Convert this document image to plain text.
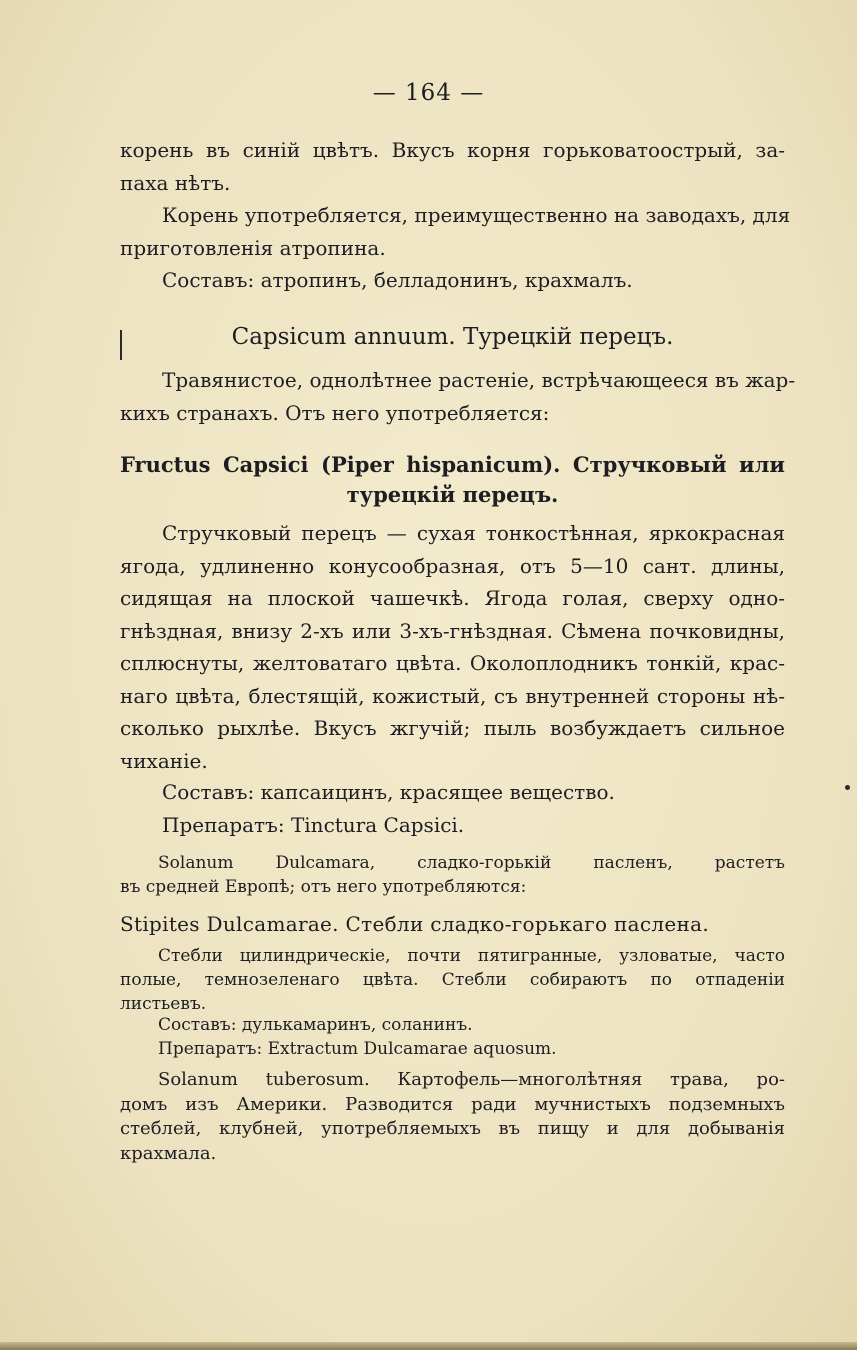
— 164 —
корень въ синій цвѣтъ. Вкусъ корня горьковатоострый, за-
паха нѣтъ.
Корень употребляется, преимущественно на заводахъ, для
приготовленія атропина.
Составъ: атропинъ, белладонинъ, крахмалъ.
Capsicum annuum. Турецкій перецъ.
Травянистое, однолѣтнее растеніе, встрѣчающееся въ жар-
кихъ странахъ. Отъ него употребляется:
Fructus Capsici (Piper hispanicum). Стручковый или
турецкій перецъ.
Стручковый перецъ — сухая тонкостѣнная, яркокрасная
ягода, удлиненно конусообразная, отъ 5—10 сант. длины,
сидящая на плоской чашечкѣ. Ягода голая, сверху одно-
гнѣздная, внизу 2-хъ или 3-хъ-гнѣздная. Сѣмена почковидны,
сплюснуты, желтоватаго цвѣта. Околоплодникъ тонкій, крас-
наго цвѣта, блестящій, кожистый, съ внутренней стороны нѣ-
сколько рыхлѣе. Вкусъ жгучій; пыль возбуждаетъ сильное
чиханіе.
Составъ: капсаицинъ, красящее вещество.
Препаратъ: Tinctura Capsici.
Solanum Dulcamara, сладко-горькій пасленъ, растетъ
въ средней Европѣ; отъ него употребляются:
Stipites Dulcamarae. Стебли сладко-горькаго паслена.
Стебли цилиндрическіе, почти пятигранные, узловатые, часто
полые, темнозеленаго цвѣта. Стебли собираютъ по отпаденіи
листьевъ.
Составъ: дулькамаринъ, соланинъ.
Препаратъ: Extractum Dulcamarae aquosum.
Solanum tuberosum. Картофель—многолѣтняя трава, ро-
домъ изъ Америки. Разводится ради мучнистыхъ подземныхъ
стеблей, клубней, употребляемыхъ въ пищу и для добыванія
крахмала.
